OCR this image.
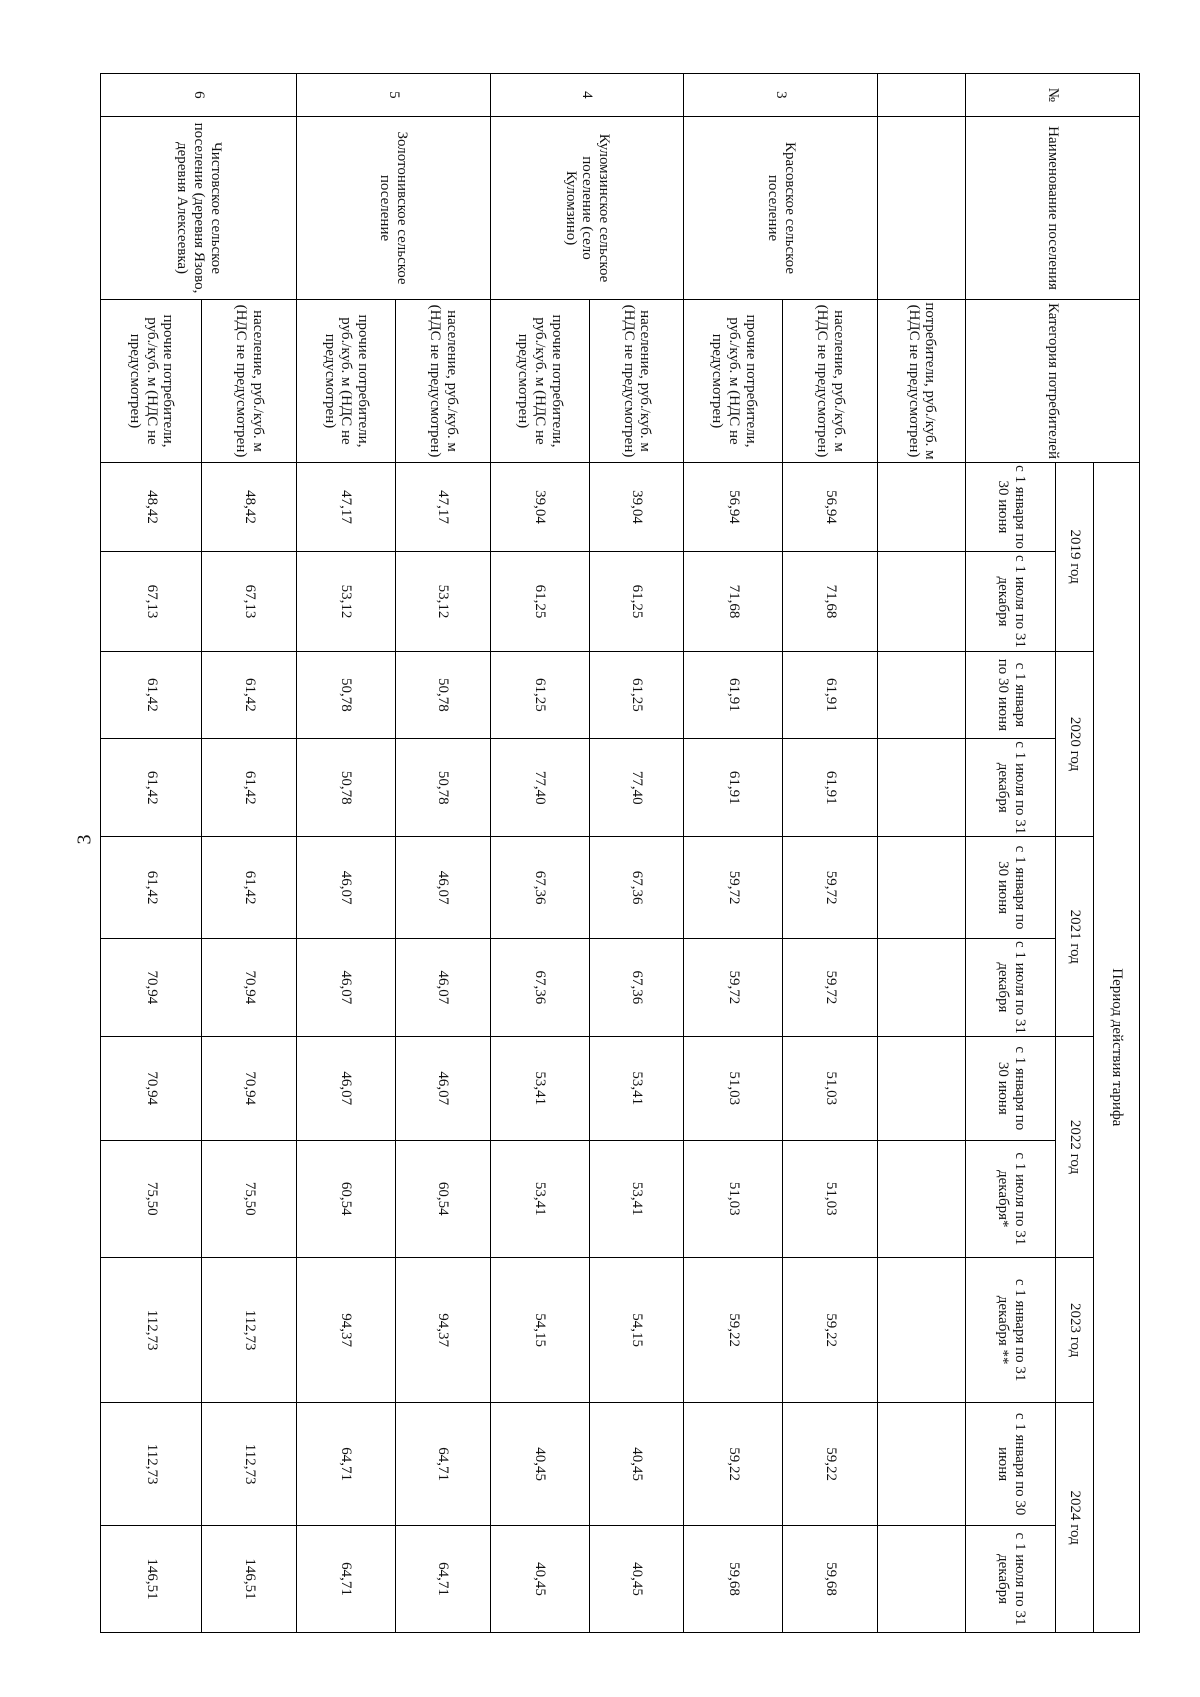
3
№	Наименование поселения	Категория потребителей	Период действия тарифа										
			2019 год		2020 год		2021 год		2022 год		2023 год	2024 год	
			с 1 января по 30 июня	с 1 июля по 31 декабря	с 1 января по 30 июня	с 1 июля по 31 декабря	с 1 января по 30 июня	с 1 июля по 31 декабря	с 1 января по 30 июня	с 1 июля по 31 декабря*	с 1 января по 31 декабря **	с 1 января по 30 июня	с 1 июля по 31 декабря
		потребители, руб./куб. м (НДС не предусмотрен)											
3	Красовское сельское поселение	население, руб./куб. м (НДС не предусмотрен)	56,94	71,68	61,91	61,91	59,72	59,72	51,03	51,03	59,22	59,22	59,68
		прочие потребители, руб./куб. м (НДС не предусмотрен)	56,94	71,68	61,91	61,91	59,72	59,72	51,03	51,03	59,22	59,22	59,68
4	Куломзинское сельское поселение (село Куломзино)	население, руб./куб. м (НДС не предусмотрен)	39,04	61,25	61,25	77,40	67,36	67,36	53,41	53,41	54,15	40,45	40,45
		прочие потребители, руб./куб. м (НДС не предусмотрен)	39,04	61,25	61,25	77,40	67,36	67,36	53,41	53,41	54,15	40,45	40,45
5	Золотонивское сельское поселение	население, руб./куб. м (НДС не предусмотрен)	47,17	53,12	50,78	50,78	46,07	46,07	46,07	60,54	94,37	64,71	64,71
		прочие потребители, руб./куб. м (НДС не предусмотрен)	47,17	53,12	50,78	50,78	46,07	46,07	46,07	60,54	94,37	64,71	64,71
6	Чистовское сельское поселение (деревня Язово, деревня Алексеевка)	население, руб./куб. м (НДС не предусмотрен)	48,42	67,13	61,42	61,42	61,42	70,94	70,94	75,50	112,73	112,73	146,51
		прочие потребители, руб./куб. м (НДС не предусмотрен)	48,42	67,13	61,42	61,42	61,42	70,94	70,94	75,50	112,73	112,73	146,51
